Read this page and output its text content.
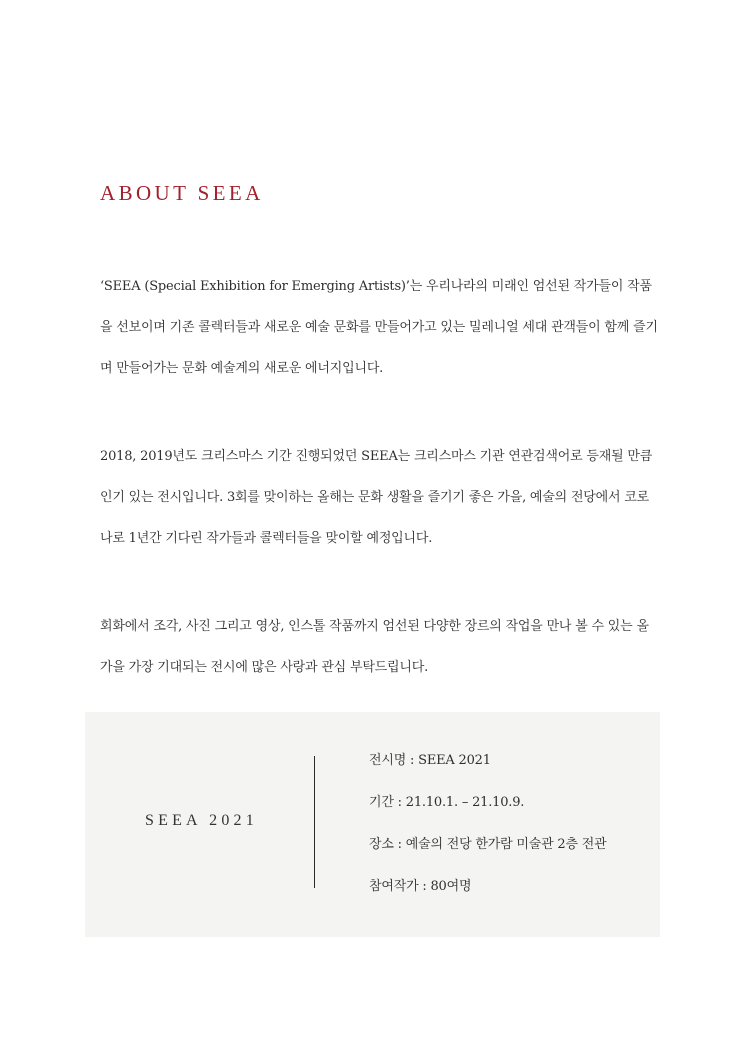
ABOUT SEEA

‘SEEA (Special Exhibition for Emerging Artists)’는 우리나라의 미래인 엄선된 작가들이 작품을 선보이며 기존 콜렉터들과 새로운 예술 문화를 만들어가고 있는 밀레니얼 세대 관객들이 함께 즐기며 만들어가는 문화 예술계의 새로운 에너지입니다.

2018, 2019년도 크리스마스 기간 진행되었던 SEEA는 크리스마스 기관 연관검색어로 등재될 만큼 인기 있는 전시입니다. 3회를 맞이하는 올해는 문화 생활을 즐기기 좋은 가을, 예술의 전당에서 코로나로 1년간 기다린 작가들과 콜렉터들을 맞이할 예정입니다.

회화에서 조각, 사진 그리고 영상, 인스톨 작품까지 엄선된 다양한 장르의 작업을 만나 볼 수 있는 올 가을 가장 기대되는 전시에 많은 사랑과 관심 부탁드립니다.

SEEA 2021
전시명 : SEEA 2021
기간 : 21.10.1. – 21.10.9.
장소 : 예술의 전당 한가람 미술관 2층 전관
참여작가 : 80여명
